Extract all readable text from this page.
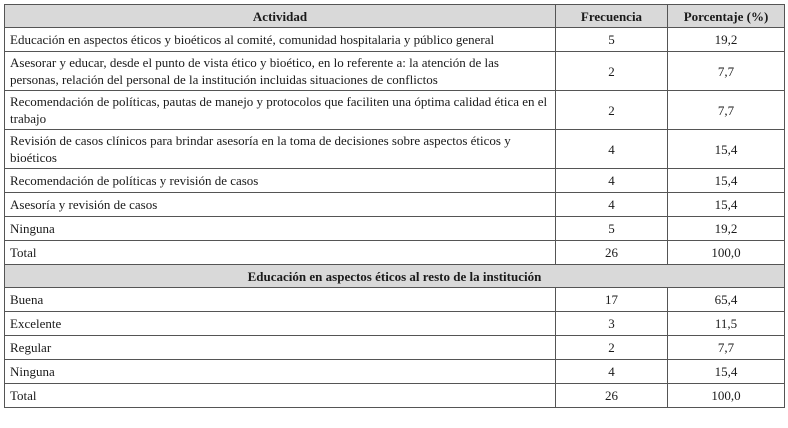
Actividad	Frecuencia	Porcentaje (%)
Educación en aspectos éticos y bioéticos al comité, comunidad hospitalaria y público general	5	19,2
Asesorar y educar, desde el punto de vista ético y bioético, en lo referente a: la atención de las personas, relación del personal de la institución incluidas situaciones de conflictos	2	7,7
Recomendación de políticas, pautas de manejo y protocolos que faciliten una óptima calidad ética en el trabajo	2	7,7
Revisión de casos clínicos para brindar asesoría en la toma de decisiones sobre aspectos éticos y bioéticos	4	15,4
Recomendación de políticas y revisión de casos	4	15,4
Asesoría y revisión de casos	4	15,4
Ninguna	5	19,2
Total	26	100,0
Educación en aspectos éticos al resto de la institución		
Buena	17	65,4
Excelente	3	11,5
Regular	2	7,7
Ninguna	4	15,4
Total	26	100,0
